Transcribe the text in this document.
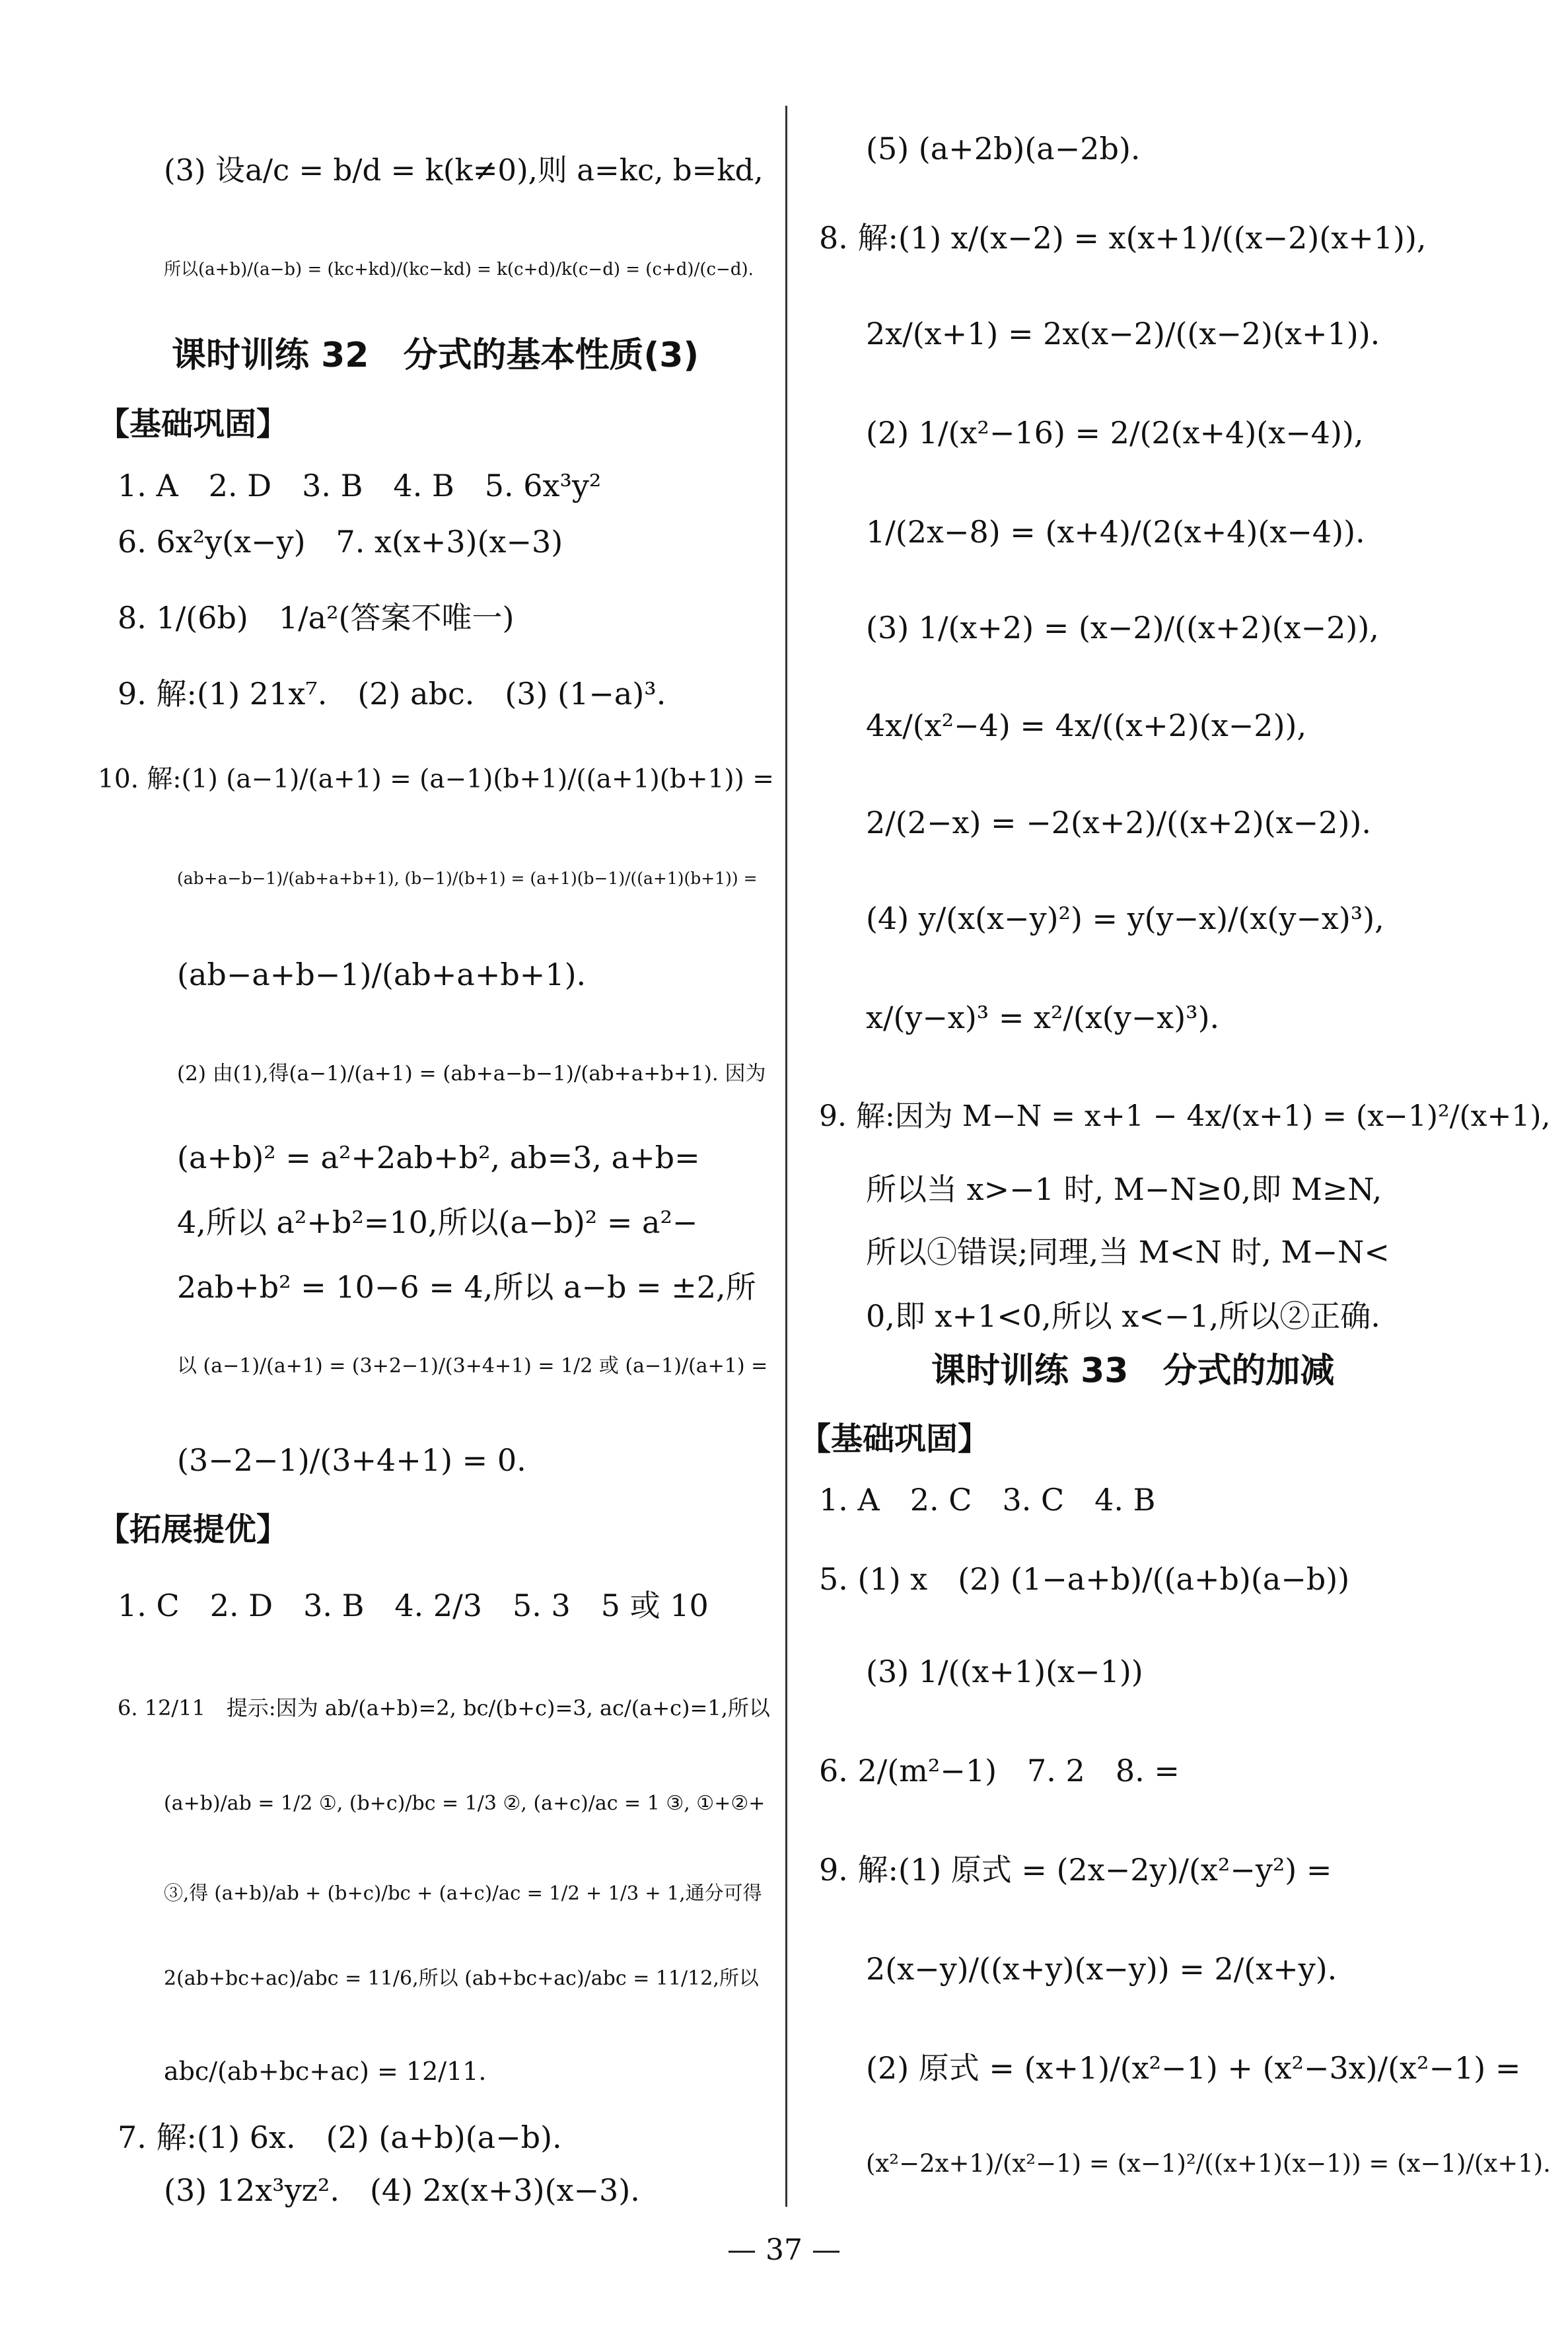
(3) 设a/c = b/d = k(k≠0),则 a=kc, b=kd,
所以(a+b)/(a−b) = (kc+kd)/(kc−kd) = k(c+d)/k(c−d) = (c+d)/(c−d).
课时训练 32　分式的基本性质(3)
【基础巩固】
1. A　2. D　3. B　4. B　5. 6x³y²
6. 6x²y(x−y)　7. x(x+3)(x−3)
8. 1/(6b)　1/a²(答案不唯一)
9. 解:(1) 21x⁷.　(2) abc.　(3) (1−a)³.
10. 解:(1) (a−1)/(a+1) = (a−1)(b+1)/((a+1)(b+1)) =
(ab+a−b−1)/(ab+a+b+1), (b−1)/(b+1) = (a+1)(b−1)/((a+1)(b+1)) =
(ab−a+b−1)/(ab+a+b+1).
(2) 由(1),得(a−1)/(a+1) = (ab+a−b−1)/(ab+a+b+1). 因为
(a+b)² = a²+2ab+b², ab=3, a+b=
4,所以 a²+b²=10,所以(a−b)² = a²−
2ab+b² = 10−6 = 4,所以 a−b = ±2,所
以 (a−1)/(a+1) = (3+2−1)/(3+4+1) = 1/2 或 (a−1)/(a+1) =
(3−2−1)/(3+4+1) = 0.
【拓展提优】
1. C　2. D　3. B　4. 2/3　5. 3　5 或 10
6. 12/11　提示:因为 ab/(a+b)=2, bc/(b+c)=3, ac/(a+c)=1,所以
(a+b)/ab = 1/2 ①, (b+c)/bc = 1/3 ②, (a+c)/ac = 1 ③, ①+②+
③,得 (a+b)/ab + (b+c)/bc + (a+c)/ac = 1/2 + 1/3 + 1,通分可得
2(ab+bc+ac)/abc = 11/6,所以 (ab+bc+ac)/abc = 11/12,所以
abc/(ab+bc+ac) = 12/11.
7. 解:(1) 6x.　(2) (a+b)(a−b).
(3) 12x³yz².　(4) 2x(x+3)(x−3).
(5) (a+2b)(a−2b).
8. 解:(1) x/(x−2) = x(x+1)/((x−2)(x+1)),
2x/(x+1) = 2x(x−2)/((x−2)(x+1)).
(2) 1/(x²−16) = 2/(2(x+4)(x−4)),
1/(2x−8) = (x+4)/(2(x+4)(x−4)).
(3) 1/(x+2) = (x−2)/((x+2)(x−2)),
4x/(x²−4) = 4x/((x+2)(x−2)),
2/(2−x) = −2(x+2)/((x+2)(x−2)).
(4) y/(x(x−y)²) = y(y−x)/(x(y−x)³),
x/(y−x)³ = x²/(x(y−x)³).
9. 解:因为 M−N = x+1 − 4x/(x+1) = (x−1)²/(x+1),
所以当 x>−1 时, M−N≥0,即 M≥N,
所以①错误;同理,当 M<N 时, M−N<
0,即 x+1<0,所以 x<−1,所以②正确.
课时训练 33　分式的加减
【基础巩固】
1. A　2. C　3. C　4. B
5. (1) x　(2) (1−a+b)/((a+b)(a−b))
(3) 1/((x+1)(x−1))
6. 2/(m²−1)　7. 2　8. =
9. 解:(1) 原式 = (2x−2y)/(x²−y²) =
2(x−y)/((x+y)(x−y)) = 2/(x+y).
(2) 原式 = (x+1)/(x²−1) + (x²−3x)/(x²−1) =
(x²−2x+1)/(x²−1) = (x−1)²/((x+1)(x−1)) = (x−1)/(x+1).
— 37 —
